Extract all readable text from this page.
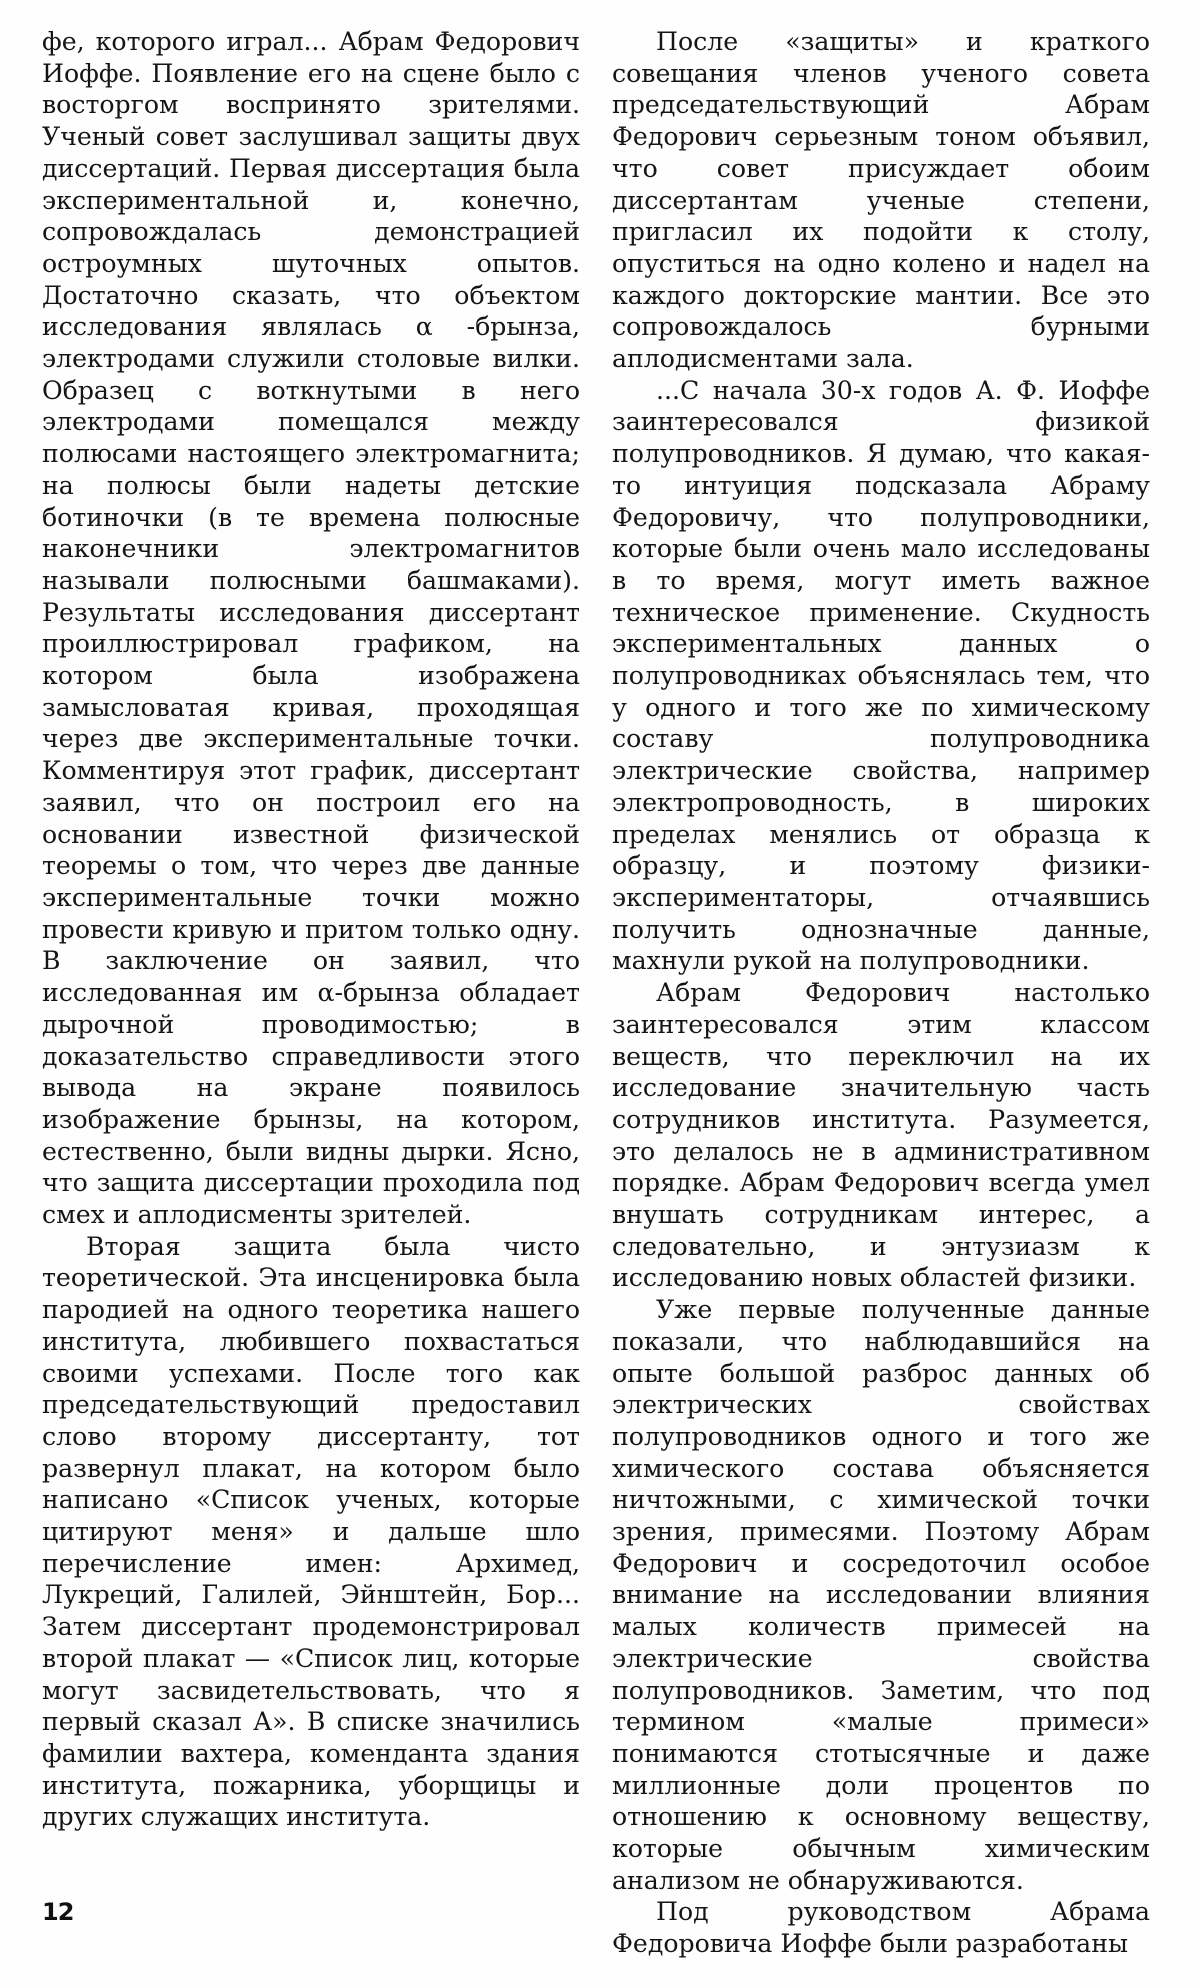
фе, которого играл... Абрам Федорович Иоффе. Появление его на сцене было с восторгом воспринято зрителями. Ученый совет заслушивал защиты двух диссертаций. Первая диссертация была экспериментальной и, конечно, сопровождалась демонстрацией остроумных шуточных опытов. Достаточно сказать, что объектом исследования являлась α -брынза, электродами служили столовые вилки. Образец с воткнутыми в него электродами помещался между полюсами настоящего электромагнита; на полюсы были надеты детские ботиночки (в те времена полюсные наконечники электромагнитов называли полюсными башмаками). Результаты исследования диссертант проиллюстрировал графиком, на котором была изображена замысловатая кривая, проходящая через две экспериментальные точки. Комментируя этот график, диссертант заявил, что он построил его на основании известной физической теоремы о том, что через две данные экспериментальные точки можно провести кривую и притом только одну. В заключение он заявил, что исследованная им α-брынза обладает дырочной проводимостью; в доказательство справедливости этого вывода на экране появилось изображение брынзы, на котором, естественно, были видны дырки. Ясно, что защита диссертации проходила под смех и аплодисменты зрителей.

Вторая защита была чисто теоретической. Эта инсценировка была пародией на одного теоретика нашего института, любившего похвастаться своими успехами. После того как председательствующий предоставил слово второму диссертанту, тот развернул плакат, на котором было написано «Список ученых, которые цитируют меня» и дальше шло перечисление имен: Архимед, Лукреций, Галилей, Эйнштейн, Бор... Затем диссертант продемонстрировал второй плакат — «Список лиц, которые могут засвидетельствовать, что я первый сказал А». В списке значились фамилии вахтера, коменданта здания института, пожарника, уборщицы и других служащих института.

После «защиты» и краткого совещания членов ученого совета председательствующий Абрам Федорович серьезным тоном объявил, что совет присуждает обоим диссертантам ученые степени, пригласил их подойти к столу, опуститься на одно колено и надел на каждого докторские мантии. Все это сопровождалось бурными аплодисментами зала.

...С начала 30-х годов А. Ф. Иоффе заинтересовался физикой полупроводников. Я думаю, что какая-то интуиция подсказала Абраму Федоровичу, что полупроводники, которые были очень мало исследованы в то время, могут иметь важное техническое применение. Скудность экспериментальных данных о полупроводниках объяснялась тем, что у одного и того же по химическому составу полупроводника электрические свойства, например электропроводность, в широких пределах менялись от образца к образцу, и поэтому физики-экспериментаторы, отчаявшись получить однозначные данные, махнули рукой на полупроводники.

Абрам Федорович настолько заинтересовался этим классом веществ, что переключил на их исследование значительную часть сотрудников института. Разумеется, это делалось не в административном порядке. Абрам Федорович всегда умел внушать сотрудникам интерес, а следовательно, и энтузиазм к исследованию новых областей физики.

Уже первые полученные данные показали, что наблюдавшийся на опыте большой разброс данных об электрических свойствах полупроводников одного и того же химического состава объясняется ничтожными, с химической точки зрения, примесями. Поэтому Абрам Федорович и сосредоточил особое внимание на исследовании влияния малых количеств примесей на электрические свойства полупроводников. Заметим, что под термином «малые примеси» понимаются стотысячные и даже миллионные доли процентов по отношению к основному веществу, которые обычным химическим анализом не обнаруживаются.

Под руководством Абрама Федоровича Иоффе были разработаны

12
